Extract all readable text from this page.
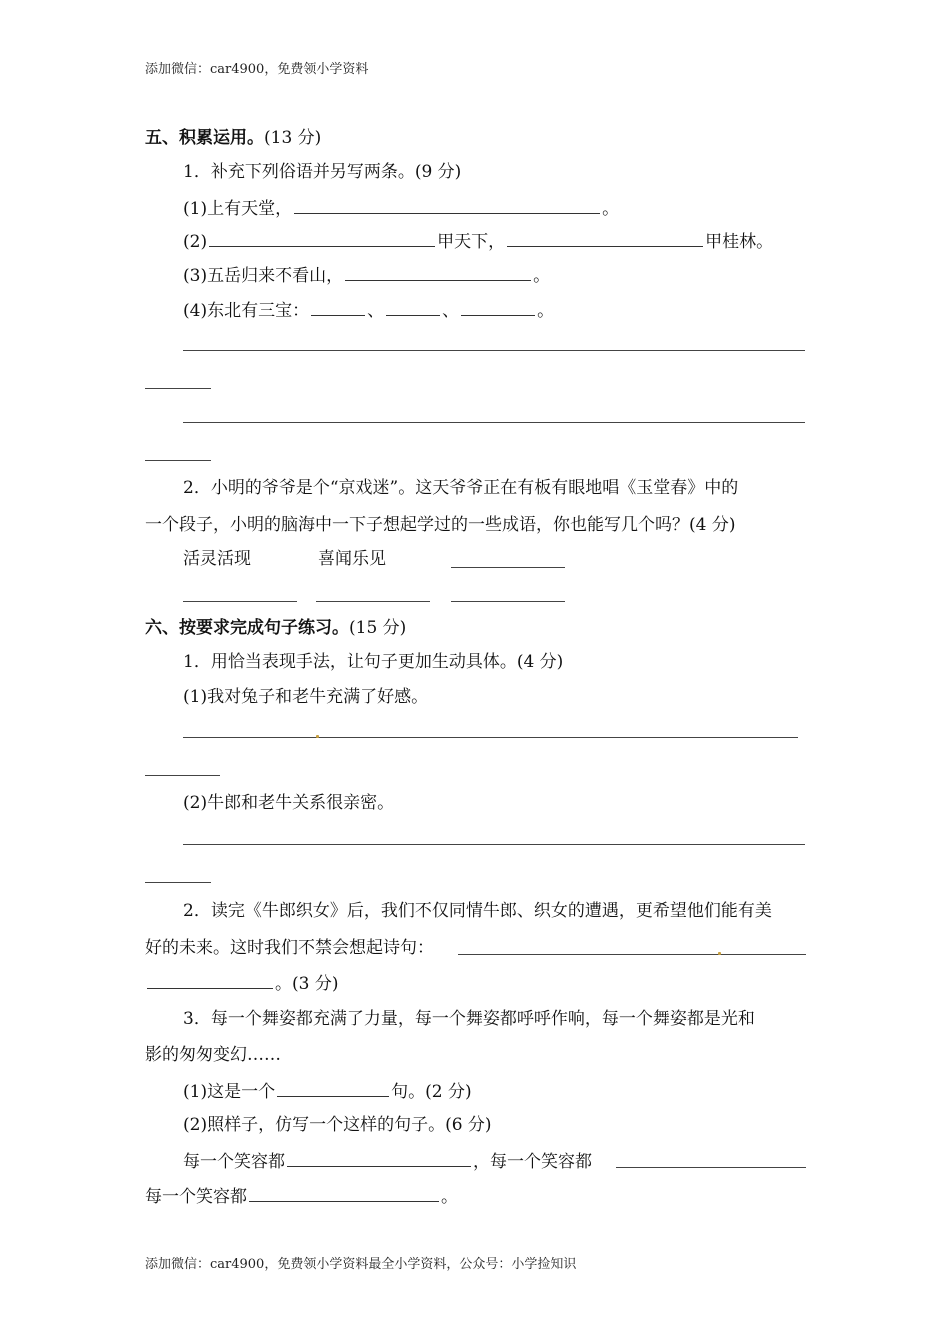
添加微信：car4900，免费领小学资料
五、积累运用。(13 分)
1．补充下列俗语并另写两条。(9 分)
(1)上有天堂，	。
(2)	甲天下，	甲桂林。
(3)五岳归来不看山，	。
(4)东北有三宝：	、	、	。
2．小明的爷爷是个“京戏迷”。这天爷爷正在有板有眼地唱《玉堂春》中的
一个段子，小明的脑海中一下子想起学过的一些成语，你也能写几个吗？(4 分)
活灵活现	喜闻乐见
六、按要求完成句子练习。(15 分)
1．用恰当表现手法，让句子更加生动具体。(4 分)
(1)我对兔子和老牛充满了好感。
(2)牛郎和老牛关系很亲密。
2．读完《牛郎织女》后，我们不仅同情牛郎、织女的遭遇，更希望他们能有美
好的未来。这时我们不禁会想起诗句：
。(3 分)
3．每一个舞姿都充满了力量，每一个舞姿都呼呼作响，每一个舞姿都是光和
影的匆匆变幻……
(1)这是一个	句。(2 分)
(2)照样子，仿写一个这样的句子。(6 分)
每一个笑容都	，每一个笑容都
每一个笑容都	。
添加微信：car4900，免费领小学资料最全小学资料，公众号：小学捡知识
